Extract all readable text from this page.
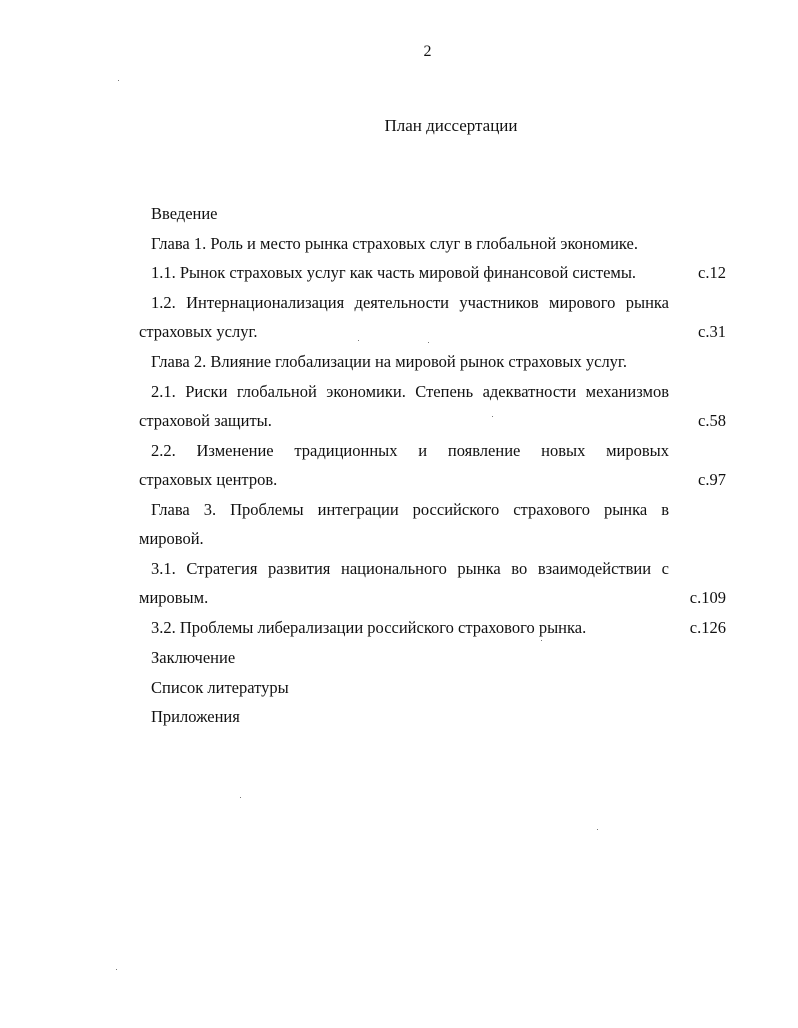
2
План диссертации
Введение
Глава 1. Роль и место рынка страховых слуг в глобальной экономике.
1.1. Рынок страховых услуг как часть мировой финансовой системы.	с.12
1.2. Интернационализация деятельности участников мирового рынка
страховых услуг.	с.31
Глава 2. Влияние глобализации на мировой рынок страховых услуг.
2.1. Риски глобальной экономики. Степень адекватности механизмов
страховой защиты.	с.58
2.2. Изменение традиционных и появление новых мировых
страховых центров.	с.97
Глава 3. Проблемы интеграции российского страхового рынка в
мировой.
3.1. Стратегия развития национального рынка во взаимодействии с
мировым.	с.109
3.2. Проблемы либерализации российского страхового рынка.	с.126
Заключение
Список литературы
Приложения
